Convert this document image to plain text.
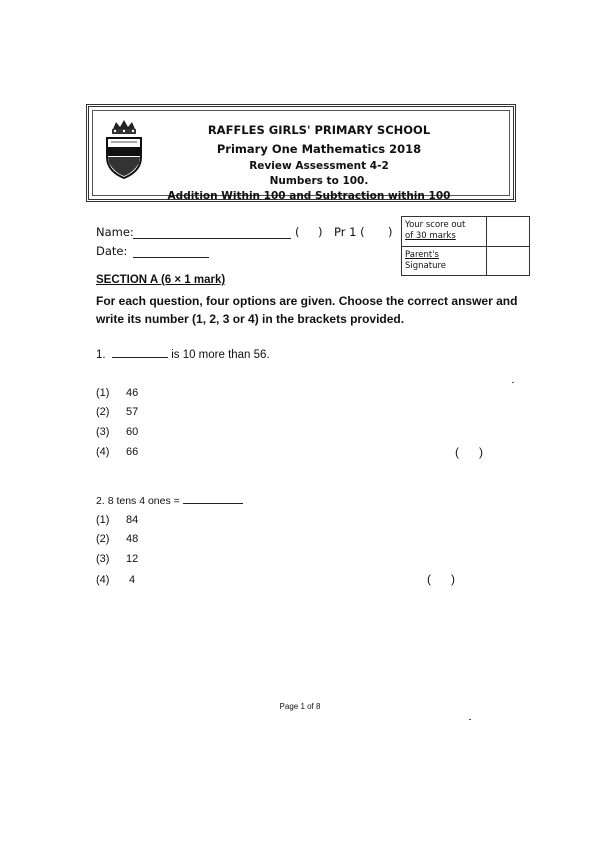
RAFFLES GIRLS' PRIMARY SCHOOL
Primary One Mathematics 2018
Review Assessment 4-2
Numbers to 100.
Addition Within 100 and Subtraction within 100
Name:	( ) Pr 1 ( )
Date:
Your score out
of 30 marks	
Parent's
Signature	
SECTION A (6 × 1 mark)
For each question, four options are given. Choose the correct answer and write its number (1, 2, 3 or 4) in the brackets provided.
1.	is 10 more than 56.
(1) 46
(2) 57
(3) 60
(4) 66	(      )
2. 8 tens 4 ones =
(1) 84
(2) 48
(3) 12
(4) 4	(      )
Page 1 of 8
